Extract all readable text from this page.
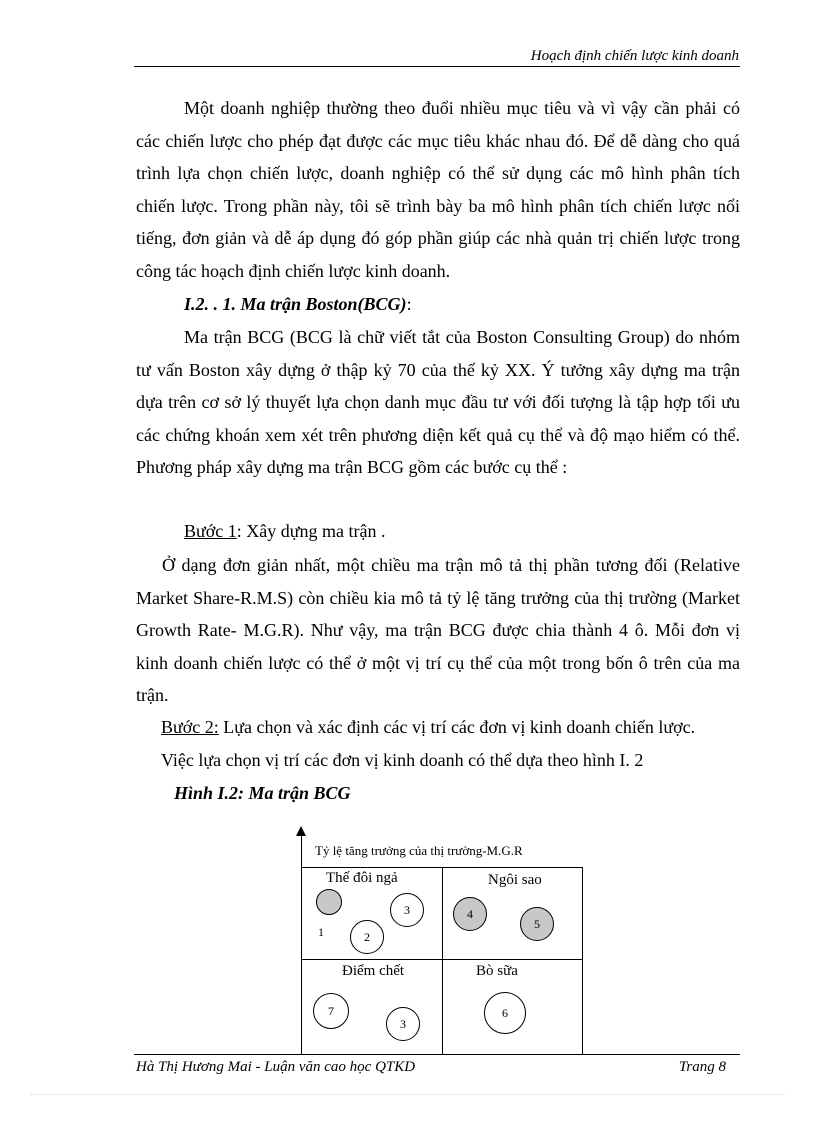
Hoạch định chiến lược kinh doanh

Một doanh nghiệp thường theo đuổi nhiều mục tiêu và vì vậy cần phải có các chiến lược cho phép đạt được các mục tiêu khác nhau đó. Để dễ dàng cho quá trình lựa chọn chiến lược, doanh nghiệp có thể sử dụng các mô hình phân tích chiến lược. Trong phần này, tôi sẽ trình bày ba mô hình phân tích chiến lược nổi tiếng, đơn giản và dễ áp dụng đó góp phần giúp các nhà quản trị chiến lược trong công tác hoạch định chiến lược kinh doanh.

I.2. . 1. Ma trận Boston(BCG):

Ma trận BCG (BCG là chữ viết tắt của Boston Consulting Group) do nhóm tư vấn Boston xây dựng ở thập kỷ 70 của thế kỷ XX. Ý tưởng xây dựng ma trận dựa trên cơ sở lý thuyết lựa chọn danh mục đầu tư với đối tượng là tập hợp tối ưu các chứng khoán xem xét trên phương diện kết quả cụ thể và độ mạo hiểm có thể. Phương pháp xây dựng ma trận BCG gồm các bước cụ thể :

Bước 1: Xây dựng ma trận .

Ở dạng đơn giản nhất, một chiều ma trận mô tả thị phần tương đối (Relative Market Share-R.M.S) còn chiều kia mô tả tỷ lệ tăng trưởng của thị trường (Market Growth Rate- M.G.R). Như vậy, ma trận BCG được chia thành 4 ô. Mỗi đơn vị kinh doanh chiến lược có thể ở một vị trí cụ thể của một trong bốn ô trên của ma trận.

Bước 2: Lựa chọn và xác định các vị trí các đơn vị kinh doanh chiến lược.
Việc lựa chọn vị trí các đơn vị kinh doanh có thể dựa theo hình I. 2
Hình I.2: Ma trận BCG
Tỷ lệ tăng trưởng của thị trường-M.G.R
Thế đôi ngả	Ngôi sao
Điểm chết	Bò sữa
3
1	2
4
5
7
3
6
Hà Thị Hương Mai - Luận văn cao học QTKD	Trang 8
